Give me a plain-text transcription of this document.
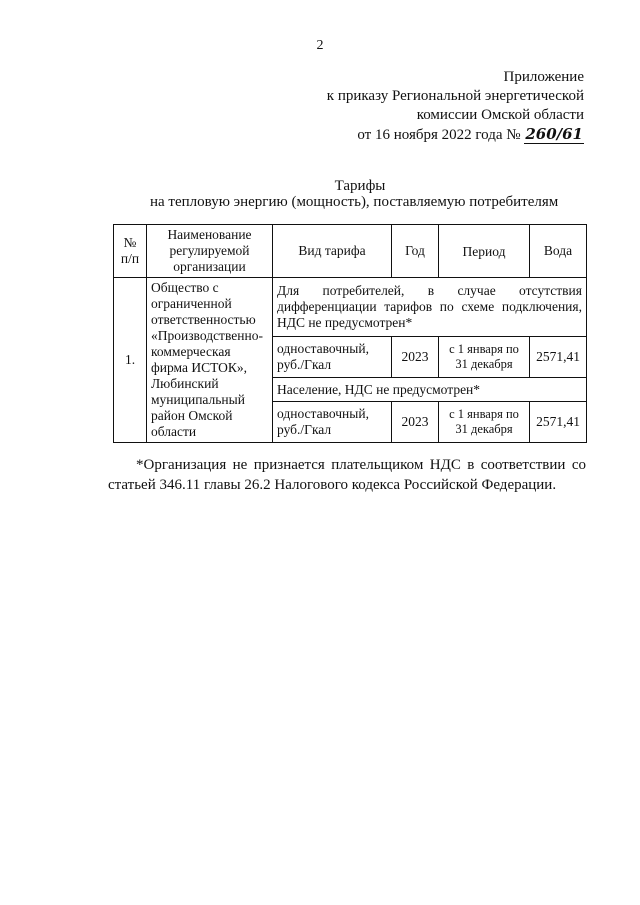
2
Приложение
к приказу Региональной энергетической
комиссии Омской области
от 16 ноября 2022 года № 260/61
Тарифы
на тепловую энергию (мощность), поставляемую потребителям
№ п/п	Наименование регулируемой организации	Вид тарифа	Год	Период	Вода
1.	Общество с ограниченной ответственностью «Производственно-коммерческая фирма ИСТОК», Любинский муниципальный район Омской области	Для потребителей, в случае отсутствия дифференциации тарифов по схеме подключения, НДС не предусмотрен*			
		одноставочный, руб./Гкал	2023	с 1 января по 31 декабря	2571,41
		Население, НДС не предусмотрен*			
		одноставочный, руб./Гкал	2023	с 1 января по 31 декабря	2571,41
*Организация не признается плательщиком НДС в соответствии со статьей 346.11 главы 26.2 Налогового кодекса Российской Федерации.
